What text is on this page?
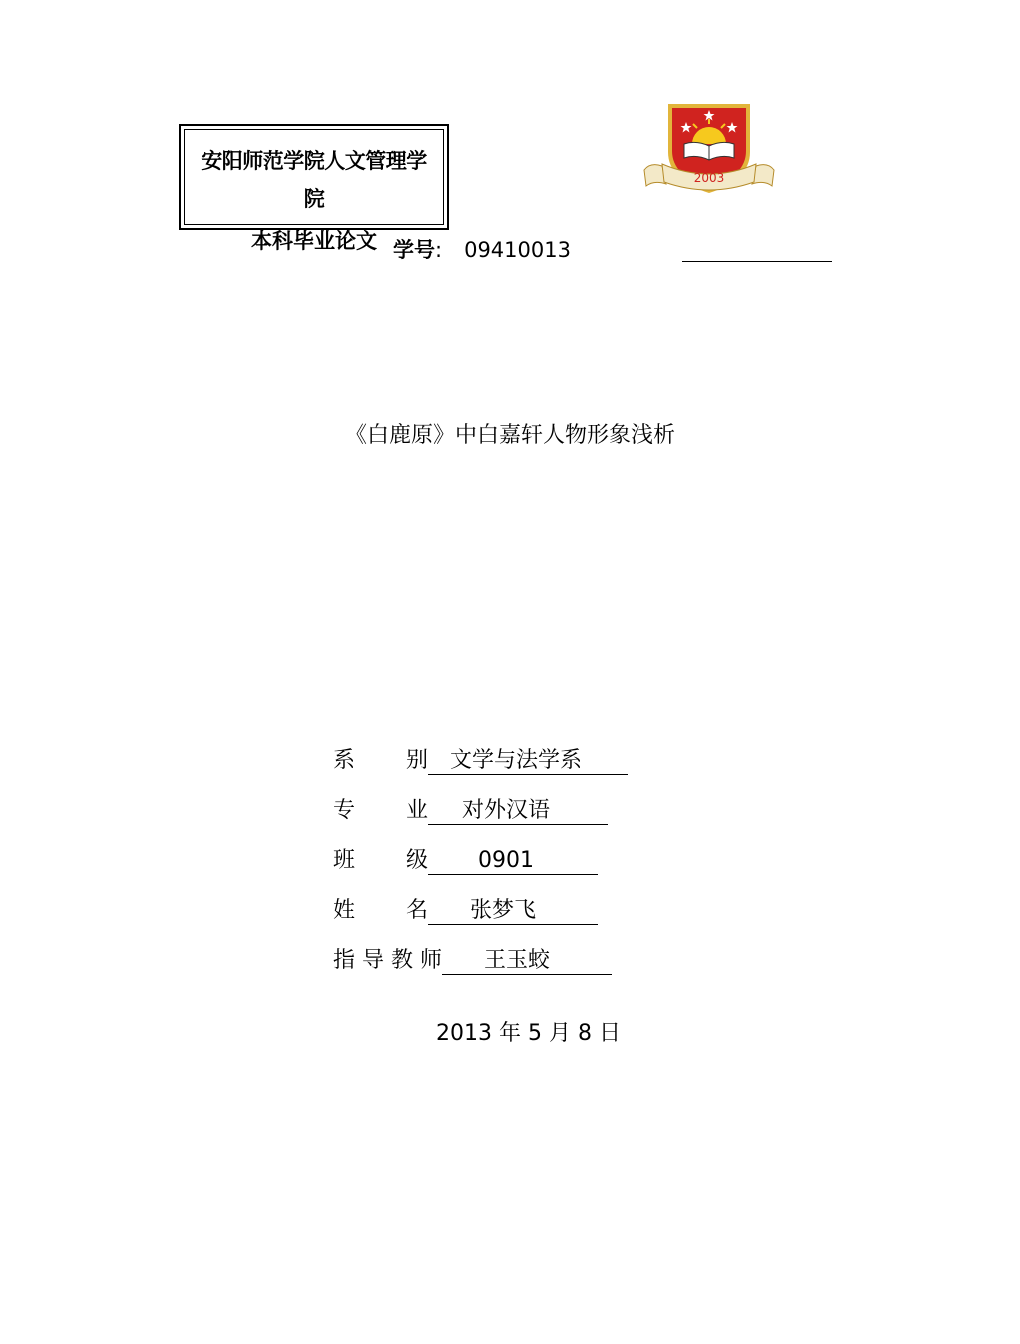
安阳师范学院人文管理学
院
本科毕业论文
2003
学号: 09410013
《白鹿原》中白嘉轩人物形象浅析
系 别 文学与法学系
专 业 对外汉语
班 级 0901
姓 名 张梦飞
指 导 教 师 王玉蛟
2013 年 5 月 8 日
